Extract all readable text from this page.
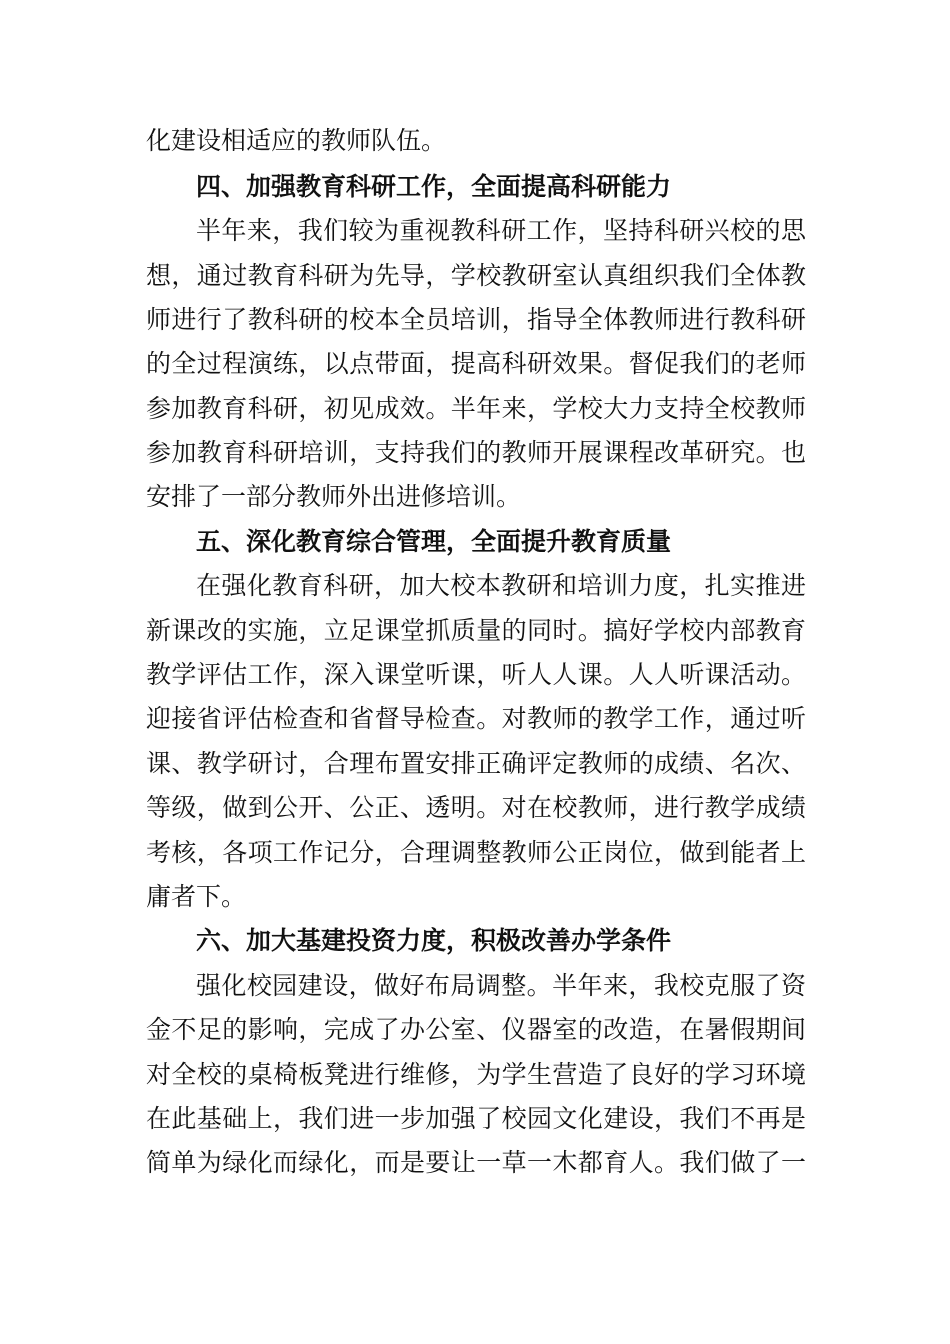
化建设相适应的教师队伍。
四、加强教育科研工作，全面提高科研能力
半年来，我们较为重视教科研工作，坚持科研兴校的思
想，通过教育科研为先导，学校教研室认真组织我们全体教
师进行了教科研的校本全员培训，指导全体教师进行教科研
的全过程演练，以点带面，提高科研效果。督促我们的老师
参加教育科研，初见成效。半年来，学校大力支持全校教师
参加教育科研培训，支持我们的教师开展课程改革研究。也
安排了一部分教师外出进修培训。
五、深化教育综合管理，全面提升教育质量
在强化教育科研，加大校本教研和培训力度，扎实推进
新课改的实施，立足课堂抓质量的同时。搞好学校内部教育
教学评估工作，深入课堂听课，听人人课。人人听课活动。
迎接省评估检查和省督导检查。对教师的教学工作，通过听
课、教学研讨，合理布置安排正确评定教师的成绩、名次、
等级，做到公开、公正、透明。对在校教师，进行教学成绩
考核，各项工作记分，合理调整教师公正岗位，做到能者上
庸者下。
六、加大基建投资力度，积极改善办学条件
强化校园建设，做好布局调整。半年来，我校克服了资
金不足的影响，完成了办公室、仪器室的改造，在暑假期间
对全校的桌椅板凳进行维修，为学生营造了良好的学习环境
在此基础上，我们进一步加强了校园文化建设，我们不再是
简单为绿化而绿化，而是要让一草一木都育人。我们做了一
